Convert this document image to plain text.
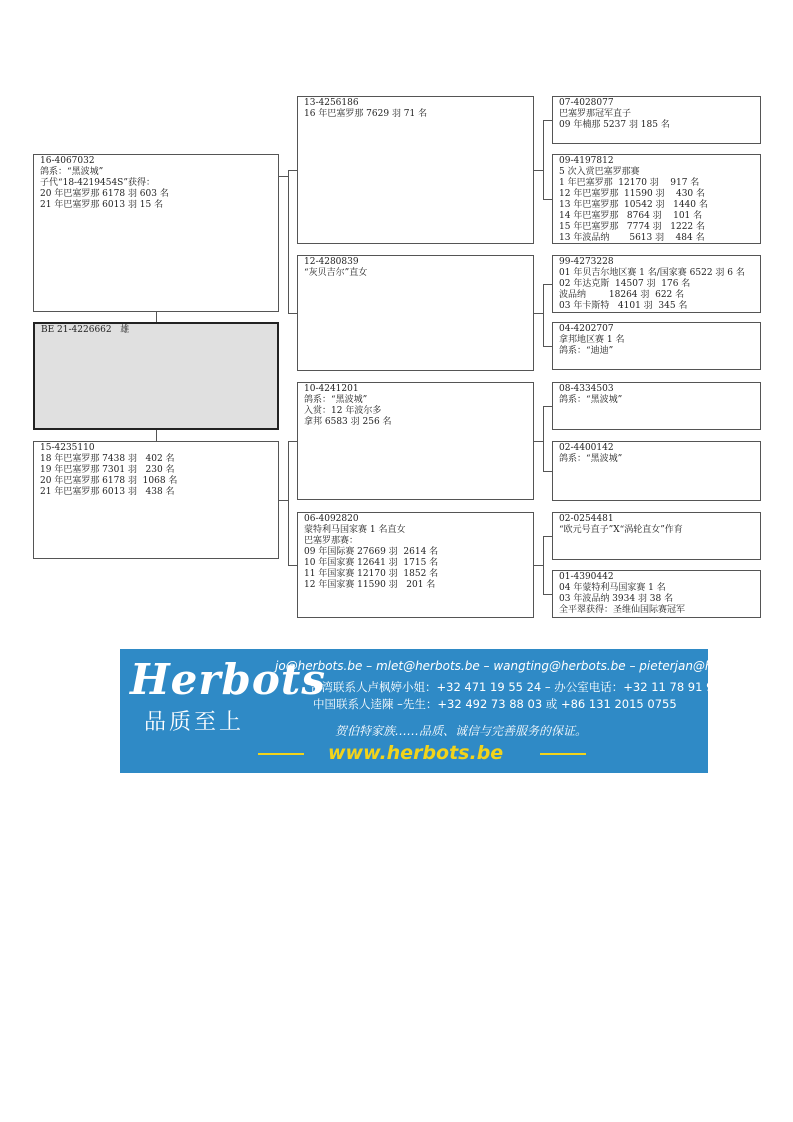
BE 21-4226662   雄
16-4067032
鸽系：“黑波城”
子代“18-4219454S”获得：
20 年巴塞罗那 6178 羽 603 名
21 年巴塞罗那 6013 羽 15 名
15-4235110
18 年巴塞罗那 7438 羽   402 名
19 年巴塞罗那 7301 羽   230 名
20 年巴塞罗那 6178 羽  1068 名
21 年巴塞罗那 6013 羽   438 名
13-4256186
16 年巴塞罗那 7629 羽 71 名
12-4280839
“灰贝吉尔”直女
10-4241201
鸽系：“黑波城”
入赏：12 年波尔多
拿邦 6583 羽 256 名
06-4092820
蒙特利马国家赛 1 名直女
巴塞罗那赛：
09 年国际赛 27669 羽  2614 名
10 年国家赛 12641 羽  1715 名
11 年国家赛 12170 羽  1852 名
12 年国家赛 11590 羽   201 名
07-4028077
巴塞罗那冠军直子
09 年楠那 5237 羽 185 名
09-4197812
5 次入赏巴塞罗那赛
1 年巴塞罗那  12170 羽    917 名
12 年巴塞罗那  11590 羽    430 名
13 年巴塞罗那  10542 羽   1440 名
14 年巴塞罗那   8764 羽    101 名
15 年巴塞罗那   7774 羽   1222 名
13 年波品纳       5613 羽    484 名
99-4273228
01 年贝吉尔地区赛 1 名/国家赛 6522 羽 6 名
02 年达克斯  14507 羽  176 名
波品纳        18264 羽  622 名
03 年卡斯特   4101 羽  345 名
04-4202707
拿邦地区赛 1 名
鸽系：“迪迪”
08-4334503
鸽系：“黑波城”
02-4400142
鸽系：“黑波城”
02-0254481
“欧元号直子”X“涡轮直女”作育
01-4390442
04 年蒙特利马国家赛 1 名
03 年波品纳 3934 羽 38 名
全平翠获得：圣维仙国际赛冠军
Herbots
品质至上
jo@herbots.be – mlet@herbots.be – wangting@herbots.be – pieterjan@herbots.be
台湾联系人卢枫婷小姐：+32 471 19 55 24 – 办公室电话：+32 11 78 91 90
中国联系人逵陳 –先生：+32 492 73 88 03 或 +86 131 2015 0755
贺伯特家族……品质、诚信与完善服务的保证。
www.herbots.be
